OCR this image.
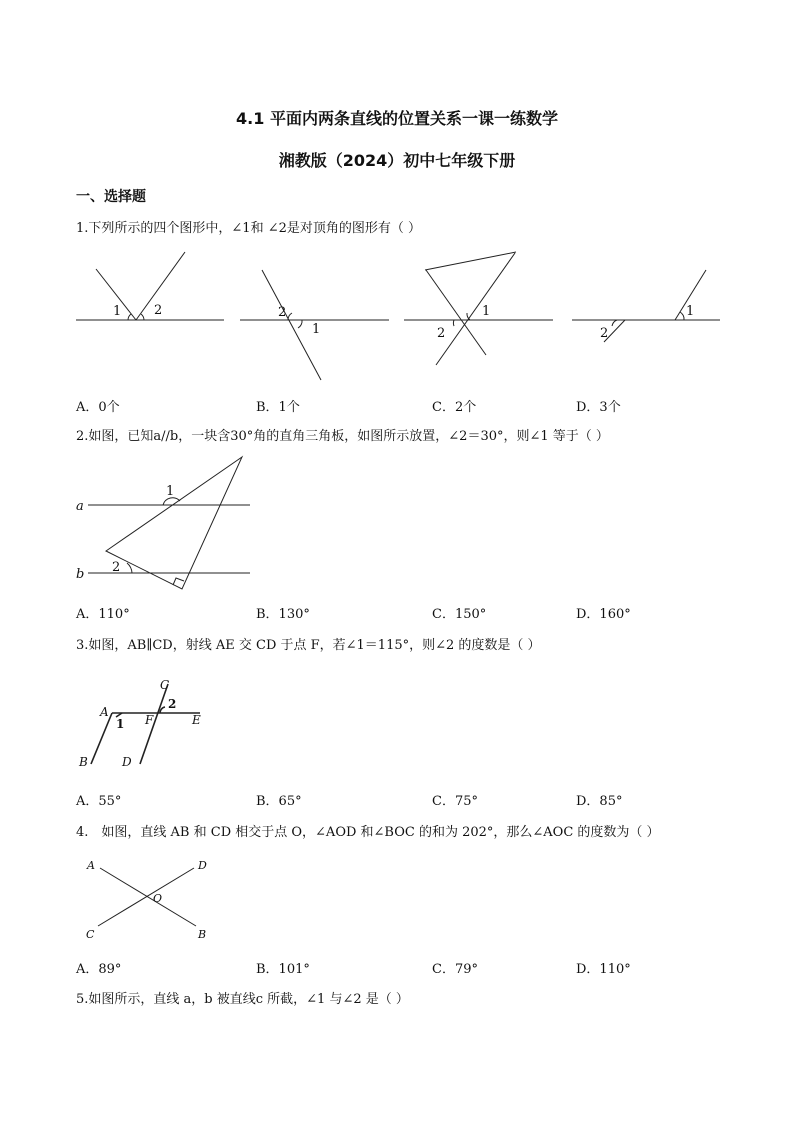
4.1 平面内两条直线的位置关系一课一练数学
湘教版（2024）初中七年级下册
一、选择题
1.下列所示的四个图形中，∠1和 ∠2是对顶角的图形有（ ）
1	2	2
1	2
1
2
1
A．0个	B．1个	C．2个	D．3个
2.如图，已知a//b，一块含30°角的直角三角板，如图所示放置，∠2＝30°，则∠1 等于（ ）
a
b
1
2
A．110°	B．130°	C．150°	D．160°
3.如图，AB∥CD，射线 AE 交 CD 于点 F，若∠1＝115°，则∠2 的度数是（ ）
A
B
C
D
E
F
1
2
A．55°	B．65°	C．75°	D．85°
4.　如图，直线 AB 和 CD 相交于点 O，∠AOD 和∠BOC 的和为 202°，那么∠AOC 的度数为（ ）
A
B
C
D
O
A．89°	B．101°	C．79°	D．110°
5.如图所示，直线 a，b 被直线c 所截，∠1 与∠2 是（ ）
